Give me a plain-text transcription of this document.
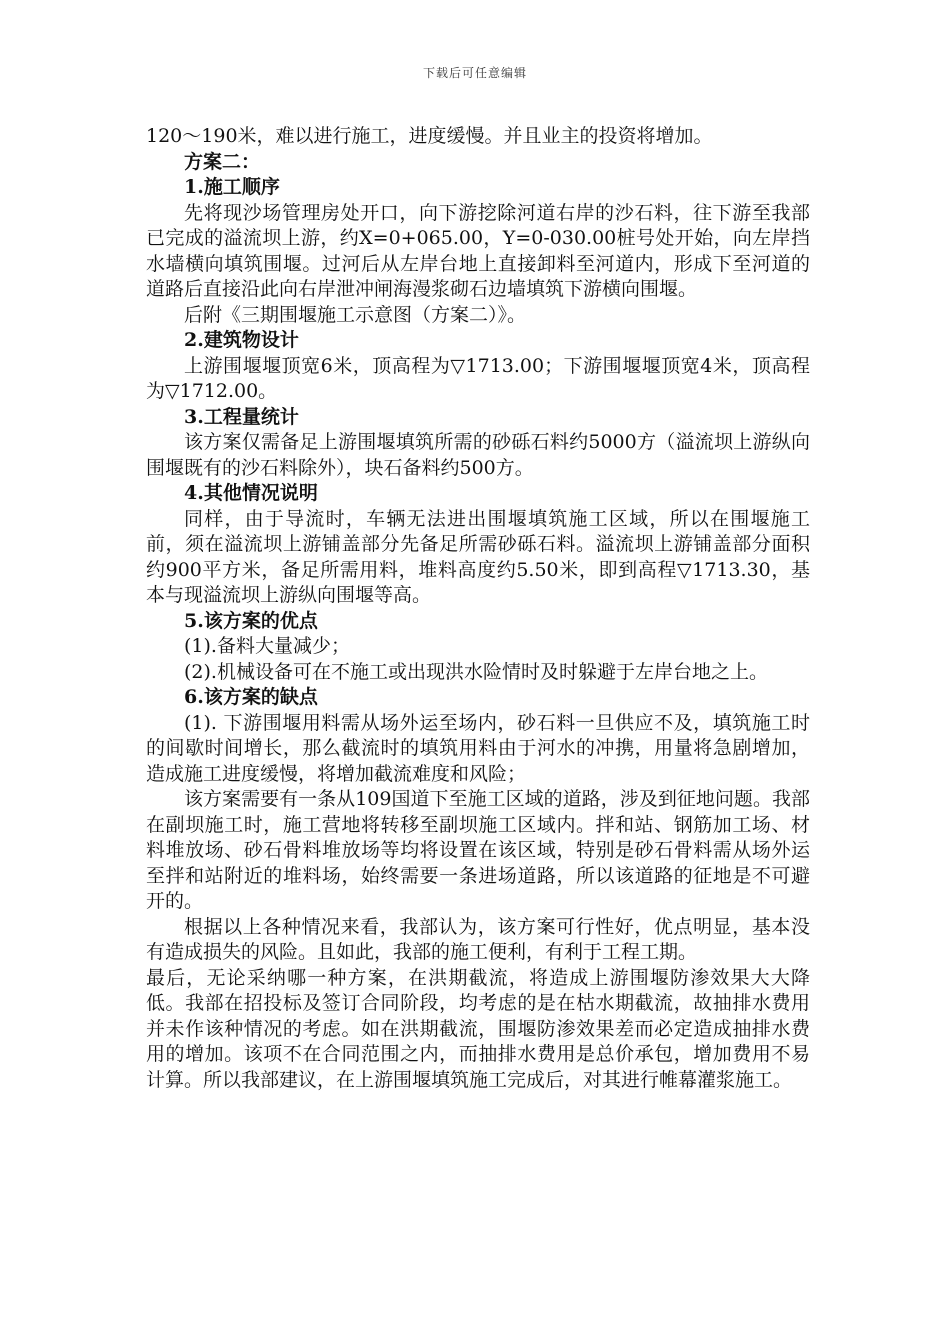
下载后可任意编辑

120～190米，难以进行施工，进度缓慢。并且业主的投资将增加。

方案二：

1.施工顺序

先将现沙场管理房处开口，向下游挖除河道右岸的沙石料，往下游至我部已完成的溢流坝上游，约X=0+065.00，Y=0-030.00桩号处开始，向左岸挡水墙横向填筑围堰。过河后从左岸台地上直接卸料至河道内，形成下至河道的道路后直接沿此向右岸泄冲闸海漫浆砌石边墙填筑下游横向围堰。

后附《三期围堰施工示意图（方案二）》。

2.建筑物设计

上游围堰堰顶宽6米，顶高程为▽1713.00；下游围堰堰顶宽4米，顶高程为▽1712.00。

3.工程量统计

该方案仅需备足上游围堰填筑所需的砂砾石料约5000方（溢流坝上游纵向围堰既有的沙石料除外），块石备料约500方。

4.其他情况说明

同样，由于导流时，车辆无法进出围堰填筑施工区域，所以在围堰施工前，须在溢流坝上游铺盖部分先备足所需砂砾石料。溢流坝上游铺盖部分面积约900平方米，备足所需用料，堆料高度约5.50米，即到高程▽1713.30，基本与现溢流坝上游纵向围堰等高。

5.该方案的优点

(1).备料大量减少；

(2).机械设备可在不施工或出现洪水险情时及时躲避于左岸台地之上。

6.该方案的缺点

(1). 下游围堰用料需从场外运至场内，砂石料一旦供应不及，填筑施工时的间歇时间增长，那么截流时的填筑用料由于河水的冲携，用量将急剧增加，造成施工进度缓慢，将增加截流难度和风险；

该方案需要有一条从109国道下至施工区域的道路，涉及到征地问题。我部在副坝施工时，施工营地将转移至副坝施工区域内。拌和站、钢筋加工场、材料堆放场、砂石骨料堆放场等均将设置在该区域，特别是砂石骨料需从场外运至拌和站附近的堆料场，始终需要一条进场道路，所以该道路的征地是不可避开的。

根据以上各种情况来看，我部认为，该方案可行性好，优点明显，基本没有造成损失的风险。且如此，我部的施工便利，有利于工程工期。

最后，无论采纳哪一种方案，在洪期截流，将造成上游围堰防渗效果大大降低。我部在招投标及签订合同阶段，均考虑的是在枯水期截流，故抽排水费用并未作该种情况的考虑。如在洪期截流，围堰防渗效果差而必定造成抽排水费用的增加。该项不在合同范围之内，而抽排水费用是总价承包，增加费用不易计算。所以我部建议，在上游围堰填筑施工完成后，对其进行帷幕灌浆施工。
